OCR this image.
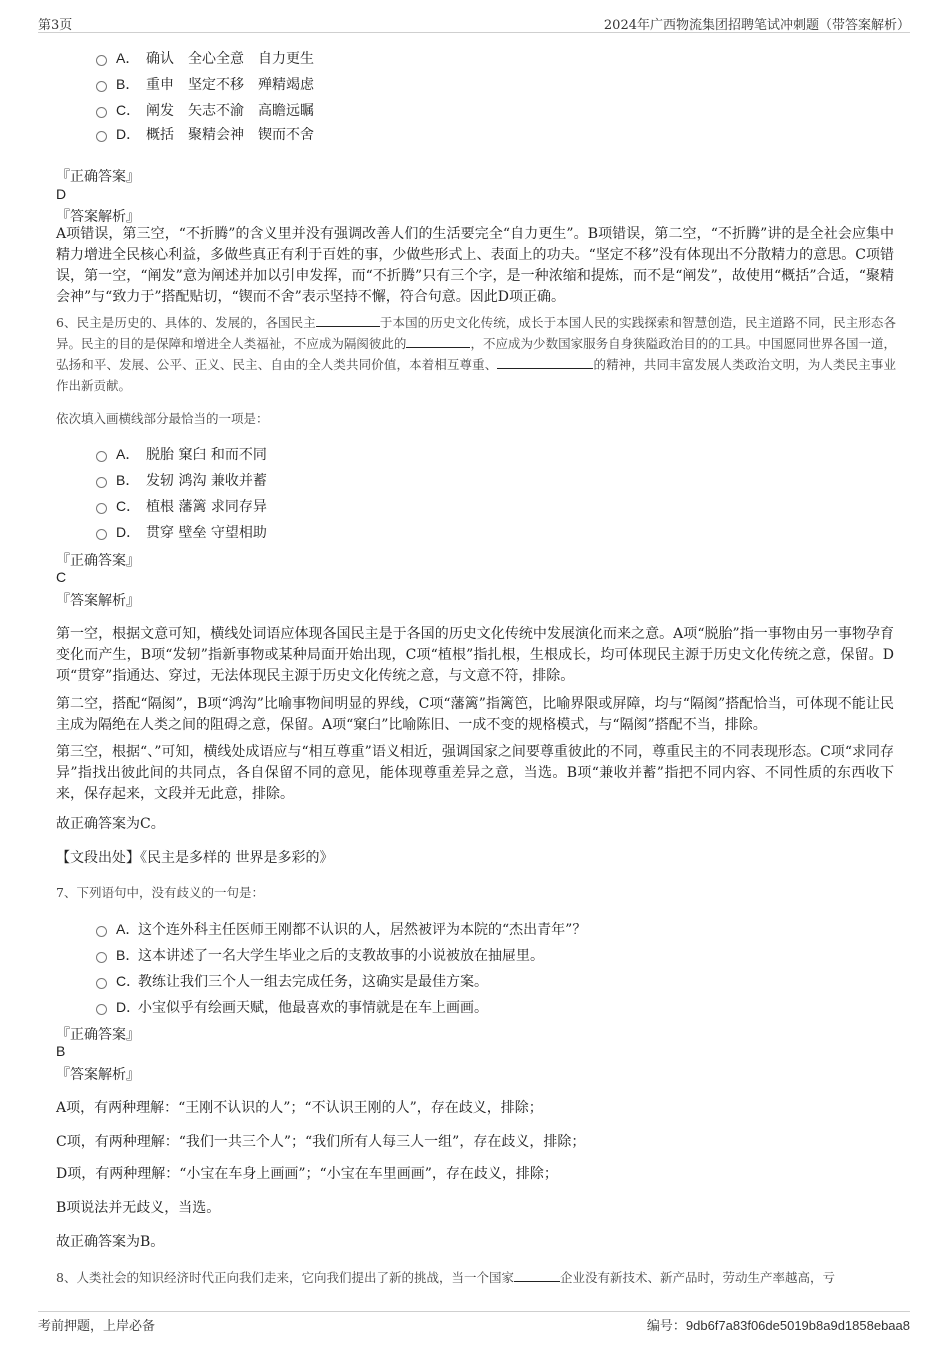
第3页	2024年广西物流集团招聘笔试冲刺题（带答案解析）
A． 确认 全心全意 自力更生
B． 重申 坚定不移 殚精竭虑
C． 阐发 矢志不渝 高瞻远瞩
D． 概括 聚精会神 锲而不舍
『正确答案』
D
『答案解析』
A项错误，第三空，“不折腾”的含义里并没有强调改善人们的生活要完全“自力更生”。B项错误，第二空，“不折腾”讲的是全社会应集中精力增进全民核心利益，多做些真正有利于百姓的事，少做些形式上、表面上的功夫。“坚定不移”没有体现出不分散精力的意思。C项错误，第一空，“阐发”意为阐述并加以引申发挥，而“不折腾”只有三个字，是一种浓缩和提炼，而不是“阐发”，故使用“概括”合适，“聚精会神”与“致力于”搭配贴切，“锲而不舍”表示坚持不懈，符合句意。因此D项正确。
6、民主是历史的、具体的、发展的，各国民主	于本国的历史文化传统，成长于本国人民的实践探索和智慧创造，民主道路不同，民主形态各异。民主的目的是保障和增进全人类福祉，不应成为隔阂彼此的	，不应成为少数国家服务自身狭隘政治目的的工具。中国愿同世界各国一道，弘扬和平、发展、公平、正义、民主、自由的全人类共同价值，本着相互尊重、	的精神，共同丰富发展人类政治文明，为人类民主事业作出新贡献。
依次填入画横线部分最恰当的一项是：
A． 脱胎 窠臼 和而不同
B． 发轫 鸿沟 兼收并蓄
C． 植根 藩篱 求同存异
D． 贯穿 壁垒 守望相助
『正确答案』
C
『答案解析』
第一空，根据文意可知，横线处词语应体现各国民主是于各国的历史文化传统中发展演化而来之意。A项“脱胎”指一事物由另一事物孕育变化而产生，B项“发轫”指新事物或某种局面开始出现，C项“植根”指扎根，生根成长，均可体现民主源于历史文化传统之意，保留。D项“贯穿”指通达、穿过，无法体现民主源于历史文化传统之意，与文意不符，排除。
第二空，搭配“隔阂”，B项“鸿沟”比喻事物间明显的界线，C项“藩篱”指篱笆，比喻界限或屏障，均与“隔阂”搭配恰当，可体现不能让民主成为隔绝在人类之间的阻碍之意，保留。A项“窠臼”比喻陈旧、一成不变的规格模式，与“隔阂”搭配不当，排除。
第三空，根据“、”可知，横线处成语应与“相互尊重”语义相近，强调国家之间要尊重彼此的不同，尊重民主的不同表现形态。C项“求同存异”指找出彼此间的共同点，各自保留不同的意见，能体现尊重差异之意，当选。B项“兼收并蓄”指把不同内容、不同性质的东西收下来，保存起来，文段并无此意，排除。
故正确答案为C。
【文段出处】《民主是多样的 世界是多彩的》
7、下列语句中，没有歧义的一句是：
A．
这个连外科主任医师王刚都不认识的人，居然被评为本院的“杰出青年”？
B．
这本讲述了一名大学生毕业之后的支教故事的小说被放在抽屉里。
C．
教练让我们三个人一组去完成任务，这确实是最佳方案。
D．
小宝似乎有绘画天赋，他最喜欢的事情就是在车上画画。
『正确答案』
B
『答案解析』
A项，有两种理解：“王刚不认识的人”；“不认识王刚的人”，存在歧义，排除；
C项，有两种理解：“我们一共三个人”；“我们所有人每三人一组”，存在歧义，排除；
D项，有两种理解：“小宝在车身上画画”；“小宝在车里画画”，存在歧义，排除；
B项说法并无歧义，当选。
故正确答案为B。
8、人类社会的知识经济时代正向我们走来，它向我们提出了新的挑战，当一个国家	企业没有新技术、新产品时，劳动生产率越高，亏
考前押题，上岸必备	编号：9db6f7a83f06de5019b8a9d1858ebaa8
